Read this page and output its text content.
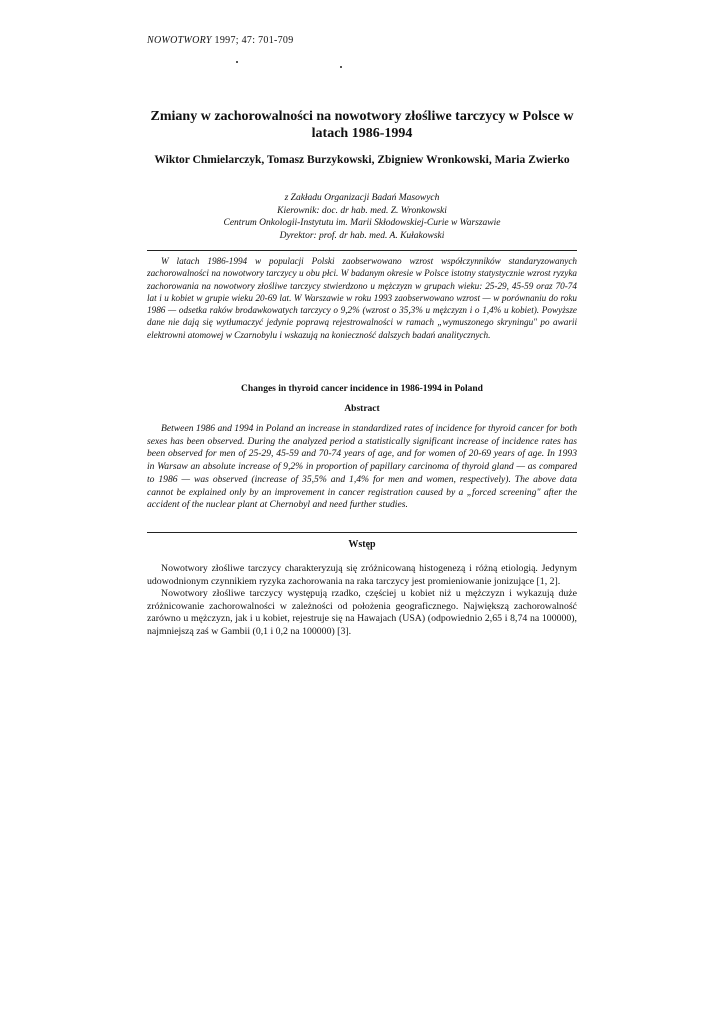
NOWOTWORY 1997; 47: 701-709
Zmiany w zachorowalności na nowotwory złośliwe tarczycy w Polsce w latach 1986-1994
Wiktor Chmielarczyk, Tomasz Burzykowski, Zbigniew Wronkowski, Maria Zwierko
z Zakładu Organizacji Badań Masowych
Kierownik: doc. dr hab. med. Z. Wronkowski
Centrum Onkologii-Instytutu im. Marii Skłodowskiej-Curie w Warszawie
Dyrektor: prof. dr hab. med. A. Kułakowski

W latach 1986-1994 w populacji Polski zaobserwowano wzrost współczynników standaryzowanych zachorowalności na nowotwory tarczycy u obu płci. W badanym okresie w Polsce istotny statystycznie wzrost ryzyka zachorowania na nowotwory złośliwe tarczycy stwierdzono u mężczyzn w grupach wieku: 25-29, 45-59 oraz 70-74 lat i u kobiet w grupie wieku 20-69 lat. W Warszawie w roku 1993 zaobserwowano wzrost — w porównaniu do roku 1986 — odsetka raków brodawkowatych tarczycy o 9,2% (wzrost o 35,3% u mężczyzn i o 1,4% u kobiet). Powyższe dane nie dają się wytłumaczyć jedynie poprawą rejestrowalności w ramach „wymuszonego skryningu" po awarii elektrowni atomowej w Czarnobylu i wskazują na konieczność dalszych badań analitycznych.

Changes in thyroid cancer incidence in 1986-1994 in Poland
Abstract

Between 1986 and 1994 in Poland an increase in standardized rates of incidence for thyroid cancer for both sexes has been observed. During the analyzed period a statistically significant increase of incidence rates has been observed for men of 25-29, 45-59 and 70-74 years of age, and for women of 20-69 years of age. In 1993 in Warsaw an absolute increase of 9,2% in proportion of papillary carcinoma of thyroid gland — as compared to 1986 — was observed (increase of 35,5% and 1,4% for men and women, respectively). The above data cannot be explained only by an improvement in cancer registration caused by a „forced screening" after the accident of the nuclear plant at Chernobyl and need further studies.

Wstęp

Nowotwory złośliwe tarczycy charakteryzują się zróżnicowaną histogenezą i różną etiologią. Jedynym udowodnionym czynnikiem ryzyka zachorowania na raka tarczycy jest promieniowanie jonizujące [1, 2].

Nowotwory złośliwe tarczycy występują rzadko, częściej u kobiet niż u mężczyzn i wykazują duże zróżnicowanie zachorowalności w zależności od położenia geograficznego. Największą zachorowalność zarówno u mężczyzn, jak i u kobiet, rejestruje się na Hawajach (USA) (odpowiednio 2,65 i 8,74 na 100000), najmniejszą zaś w Gambii (0,1 i 0,2 na 100000) [3].
